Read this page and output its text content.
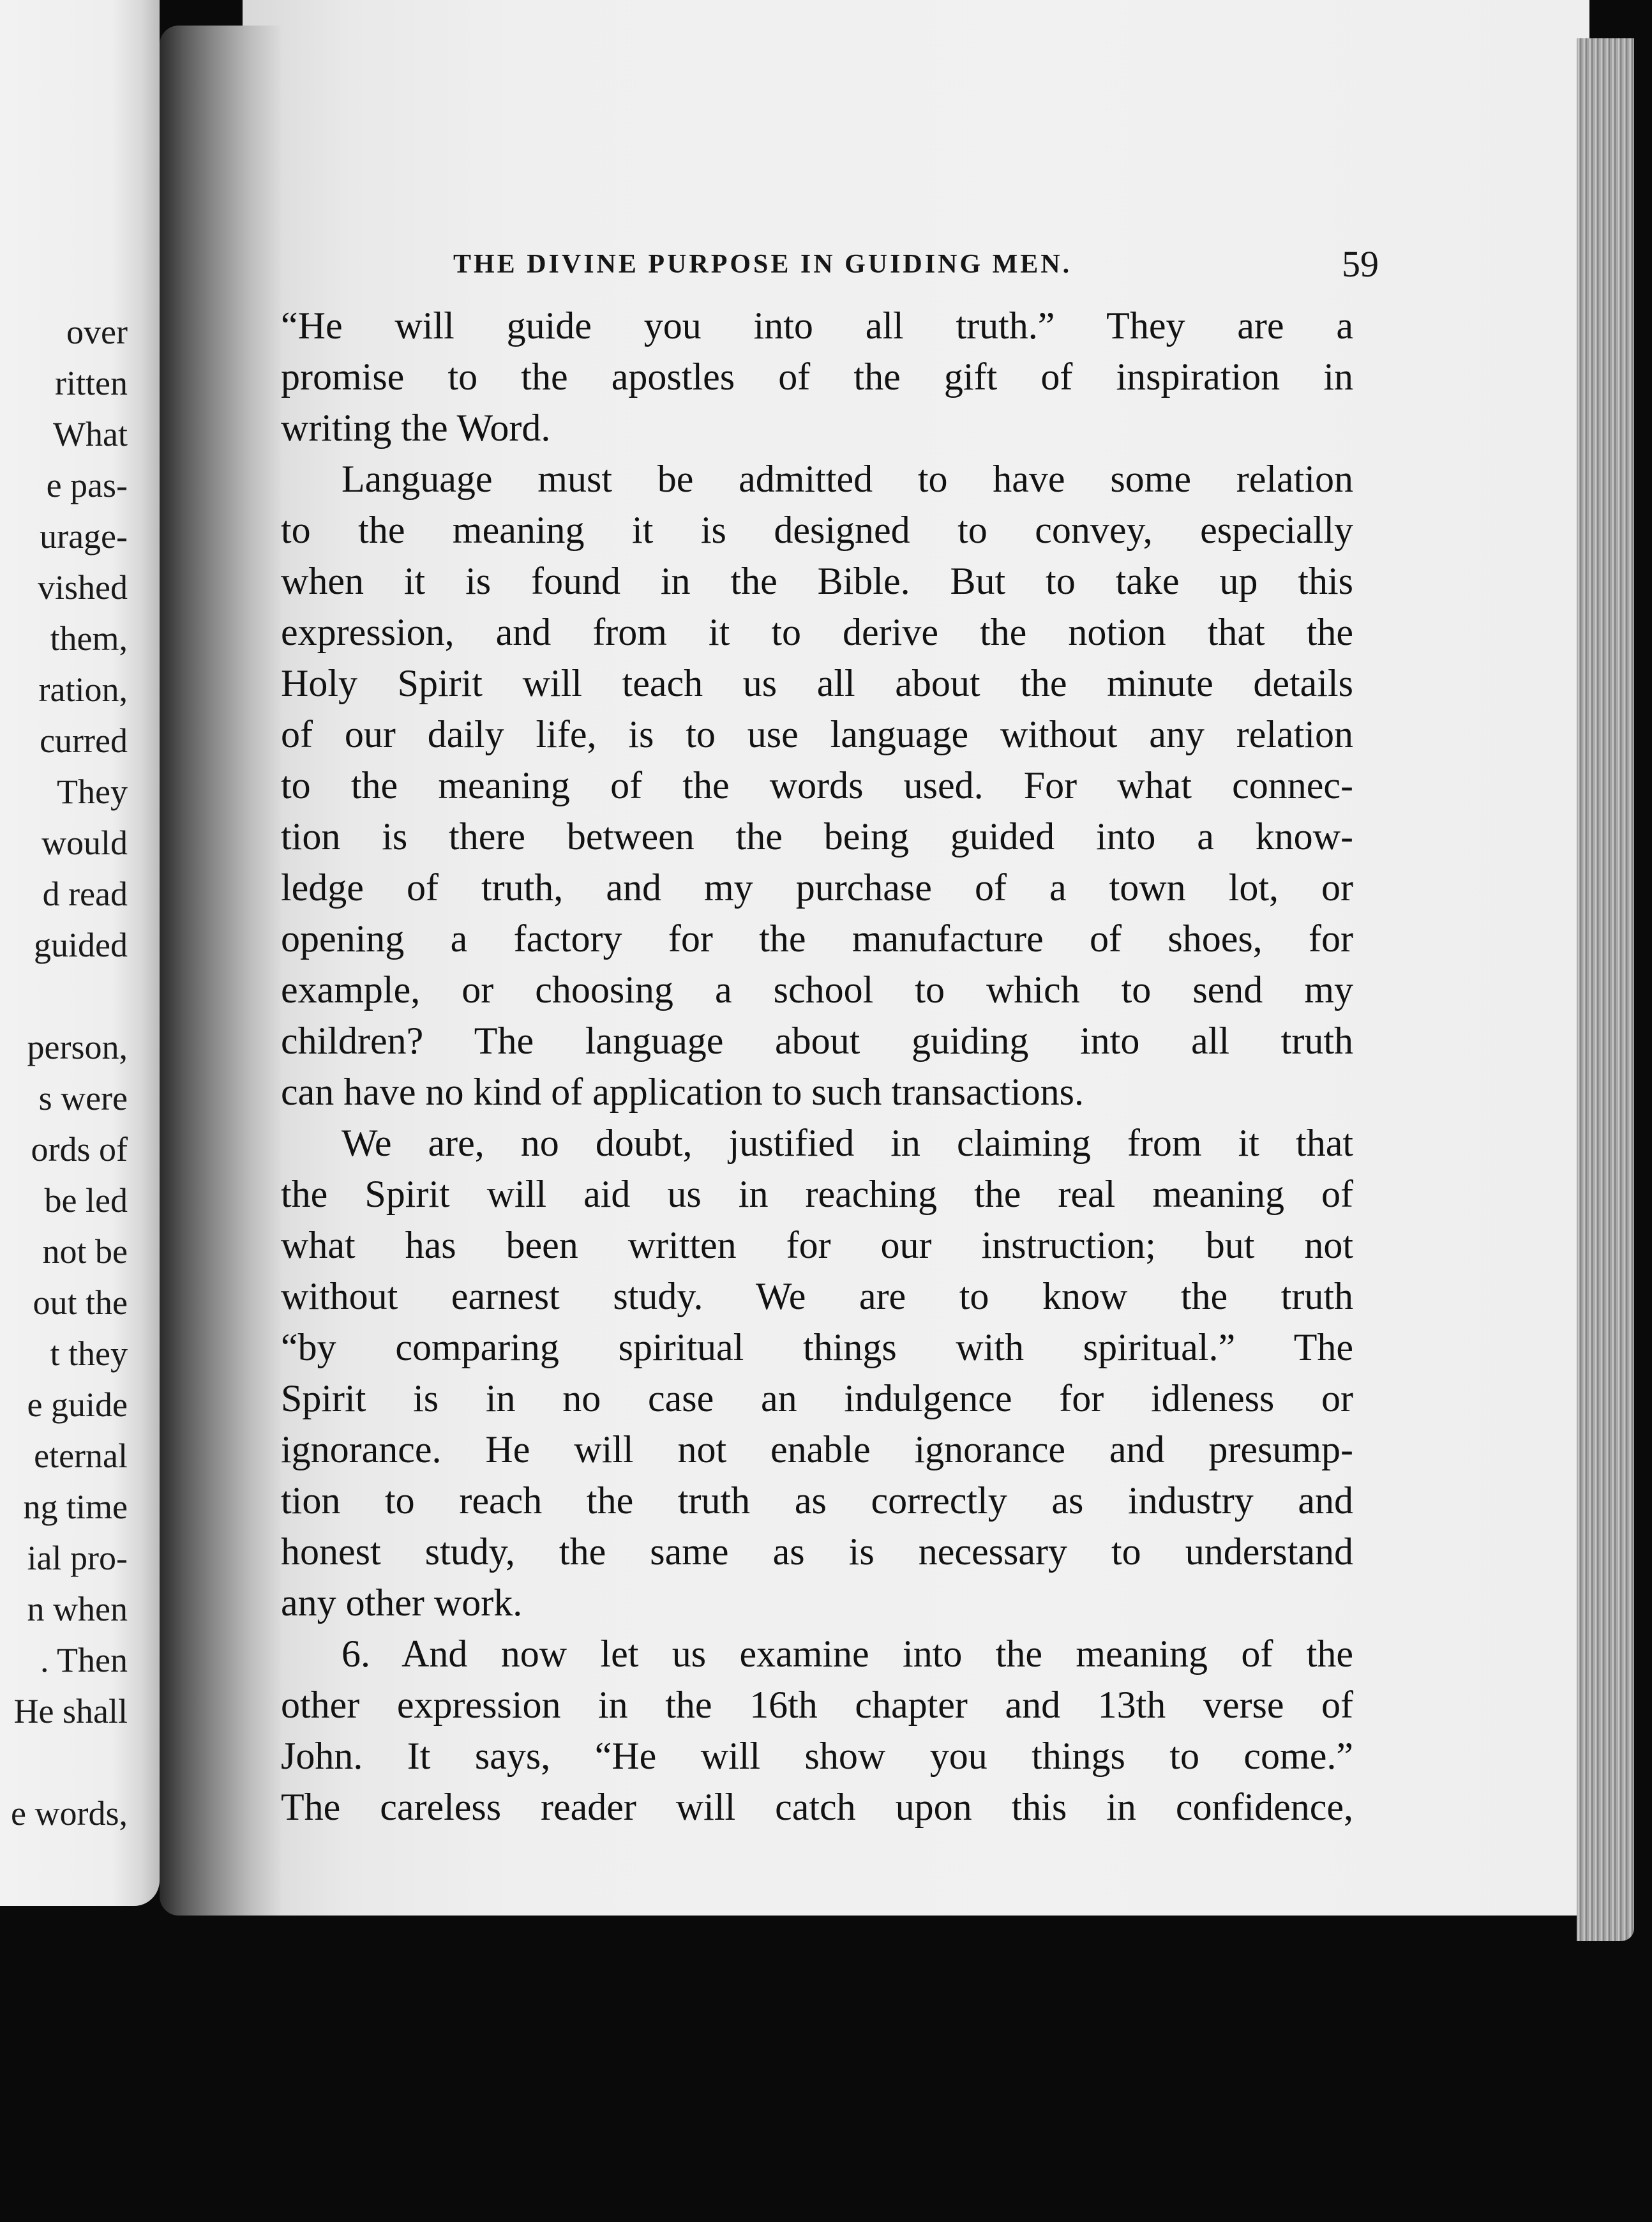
over
ritten
What
e pas-
urage-
vished
them,
ration,
curred
They
would
d read
guided
person,
s were
ords of
be led
not be
out the
t they
e guide
eternal
ng time
ial pro-
n when
. Then
He shall
e words,
THE DIVINE PURPOSE IN GUIDING MEN.	59
“He will guide you into all truth.” They are a
promise to the apostles of the gift of inspiration in
writing the Word.
Language must be admitted to have some relation
to the meaning it is designed to convey, especially
when it is found in the Bible. But to take up this
expression, and from it to derive the notion that the
Holy Spirit will teach us all about the minute details
of our daily life, is to use language without any relation
to the meaning of the words used. For what connec-
tion is there between the being guided into a know-
ledge of truth, and my purchase of a town lot, or
opening a factory for the manufacture of shoes, for
example, or choosing a school to which to send my
children? The language about guiding into all truth
can have no kind of application to such transactions.
We are, no doubt, justified in claiming from it that
the Spirit will aid us in reaching the real meaning of
what has been written for our instruction; but not
without earnest study. We are to know the truth
“by comparing spiritual things with spiritual.” The
Spirit is in no case an indulgence for idleness or
ignorance. He will not enable ignorance and presump-
tion to reach the truth as correctly as industry and
honest study, the same as is necessary to understand
any other work.
6. And now let us examine into the meaning of the
other expression in the 16th chapter and 13th verse of
John. It says, “He will show you things to come.”
The careless reader will catch upon this in confidence,
